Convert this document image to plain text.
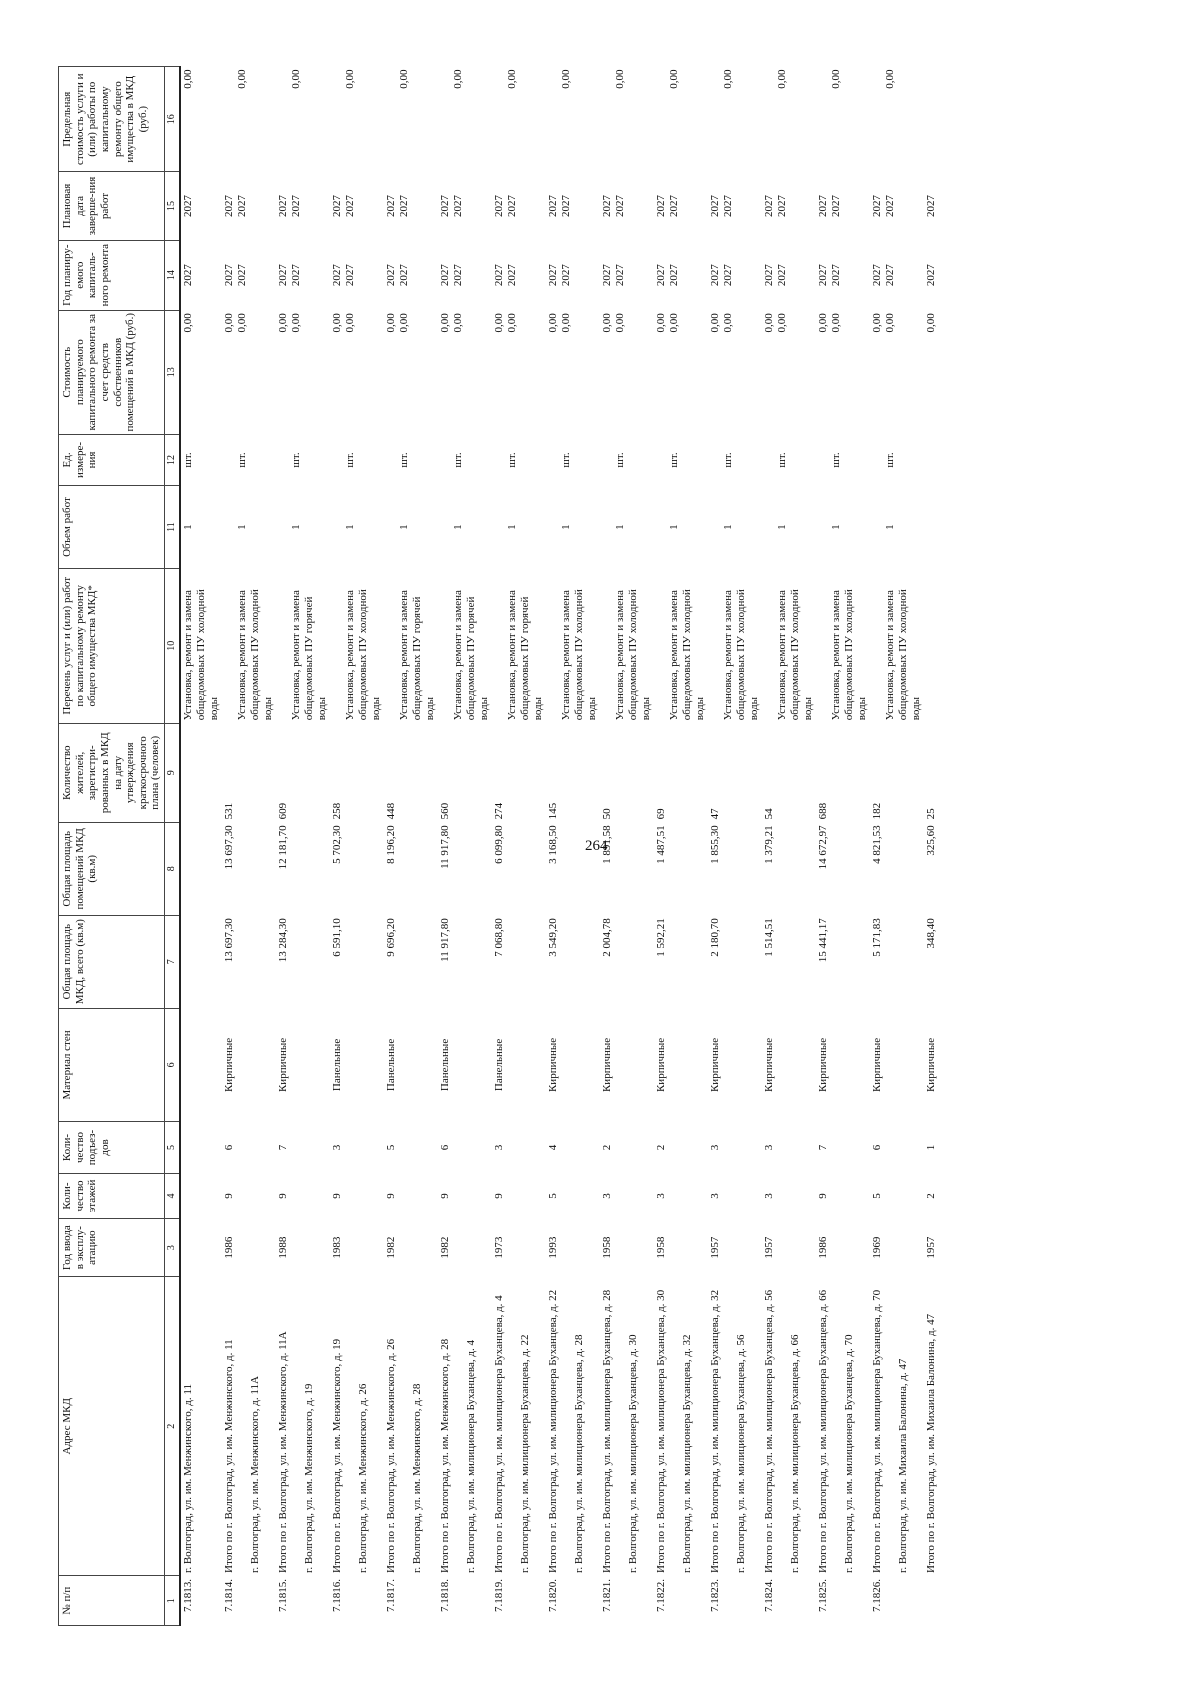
264
№ п/п	Адрес МКД	Год ввода в эксплу-атацию	Коли-чество этажей	Коли-чество подъез-дов	Материал стен	Общая площадь МКД, всего (кв.м)	Общая площадь помещений МКД (кв.м)	Количество жителей, зарегистри-рованных в МКД на дату утверждения краткосрочного плана (человек)	Перечень услуг и (или) работ по капитальному ремонту общего имущества МКД*	Объем работ	Ед. измере-ния	Стоимость планируемого капитального ремонта за счет средств собственников помещений в МКД (руб.)	Год планиру-емого капиталь-ного ремонта	Плановая дата заверше-ния работ	Предельная стоимость услуги и (или) работы по капитальному ремонту общего имущества в МКД (руб.)
1	2	3	4	5	6	7	8	9	10	11	12	13	14	15	16
7.1813.	г. Волгоград, ул. им. Менжинского, д. 11								Установка, ремонт и замена общедомовых ПУ холодной воды	1	шт.	0,00	2027	2027	0,00
7.1814.	Итого по г. Волгоград, ул. им. Менжинского, д. 11 г. Волгоград, ул. им. Менжинского, д. 11А	1986	9	6	Кирпичные	13 697,30	13 697,30	531	Установка, ремонт и замена общедомовых ПУ холодной воды	1	шт.	0,00 0,00	2027 2027	2027 2027	0,00

7.1815.	Итого по г. Волгоград, ул. им. Менжинского, д. 11А г. Волгоград, ул. им. Менжинского, д. 19	1988	9	7	Кирпичные	13 284,30	12 181,70	609	Установка, ремонт и замена общедомовых ПУ горячей воды	1	шт.	0,00 0,00	2027 2027	2027 2027	0,00

7.1816.	Итого по г. Волгоград, ул. им. Менжинского, д. 19 г. Волгоград, ул. им. Менжинского, д. 26	1983	9	3	Панельные	6 591,10	5 702,30	258	Установка, ремонт и замена общедомовых ПУ холодной воды	1	шт.	0,00 0,00	2027 2027	2027 2027	0,00

7.1817.	Итого по г. Волгоград, ул. им. Менжинского, д. 26 г. Волгоград, ул. им. Менжинского, д. 28	1982	9	5	Панельные	9 696,20	8 196,20	448	Установка, ремонт и замена общедомовых ПУ горячей воды	1	шт.	0,00 0,00	2027 2027	2027 2027	0,00

7.1818.	Итого по г. Волгоград, ул. им. Менжинского, д. 28 г. Волгоград, ул. им. милиционера Буханцева, д. 4	1982	9	6	Панельные	11 917,80	11 917,80	560	Установка, ремонт и замена общедомовых ПУ горячей воды	1	шт.	0,00 0,00	2027 2027	2027 2027	0,00

7.1819.	Итого по г. Волгоград, ул. им. милиционера Буханцева, д. 4 г. Волгоград, ул. им. милиционера Буханцева, д. 22	1973	9	3	Панельные	7 068,80	6 099,80	274	Установка, ремонт и замена общедомовых ПУ горячей воды	1	шт.	0,00 0,00	2027 2027	2027 2027	0,00

7.1820.	Итого по г. Волгоград, ул. им. милиционера Буханцева, д. 22 г. Волгоград, ул. им. милиционера Буханцева, д. 28	1993	5	4	Кирпичные	3 549,20	3 168,50	145	Установка, ремонт и замена общедомовых ПУ холодной воды	1	шт.	0,00 0,00	2027 2027	2027 2027	0,00

7.1821.	Итого по г. Волгоград, ул. им. милиционера Буханцева, д. 28 г. Волгоград, ул. им. милиционера Буханцева, д. 30	1958	3	2	Кирпичные	2 004,78	1 891,58	50	Установка, ремонт и замена общедомовых ПУ холодной воды	1	шт.	0,00 0,00	2027 2027	2027 2027	0,00

7.1822.	Итого по г. Волгоград, ул. им. милиционера Буханцева, д. 30 г. Волгоград, ул. им. милиционера Буханцева, д. 32	1958	3	2	Кирпичные	1 592,21	1 487,51	69	Установка, ремонт и замена общедомовых ПУ холодной воды	1	шт.	0,00 0,00	2027 2027	2027 2027	0,00

7.1823.	Итого по г. Волгоград, ул. им. милиционера Буханцева, д. 32 г. Волгоград, ул. им. милиционера Буханцева, д. 56	1957	3	3	Кирпичные	2 180,70	1 855,30	47	Установка, ремонт и замена общедомовых ПУ холодной воды	1	шт.	0,00 0,00	2027 2027	2027 2027	0,00

7.1824.	Итого по г. Волгоград, ул. им. милиционера Буханцева, д. 56 г. Волгоград, ул. им. милиционера Буханцева, д. 66	1957	3	3	Кирпичные	1 514,51	1 379,21	54	Установка, ремонт и замена общедомовых ПУ холодной воды	1	шт.	0,00 0,00	2027 2027	2027 2027	0,00

7.1825.	Итого по г. Волгоград, ул. им. милиционера Буханцева, д. 66 г. Волгоград, ул. им. милиционера Буханцева, д. 70	1986	9	7	Кирпичные	15 441,17	14 672,97	688	Установка, ремонт и замена общедомовых ПУ холодной воды	1	шт.	0,00 0,00	2027 2027	2027 2027	0,00

7.1826.	Итого по г. Волгоград, ул. им. милиционера Буханцева, д. 70 г. Волгоград, ул. им. Михаила Балонина, д. 47	1969	5	6	Кирпичные	5 171,83	4 821,53	182	Установка, ремонт и замена общедомовых ПУ холодной воды	1	шт.	0,00 0,00	2027 2027	2027 2027	0,00

	Итого по г. Волгоград, ул. им. Михаила Балонина, д. 47	1957	2	1	Кирпичные	348,40	325,60	25				0,00	2027	2027	
